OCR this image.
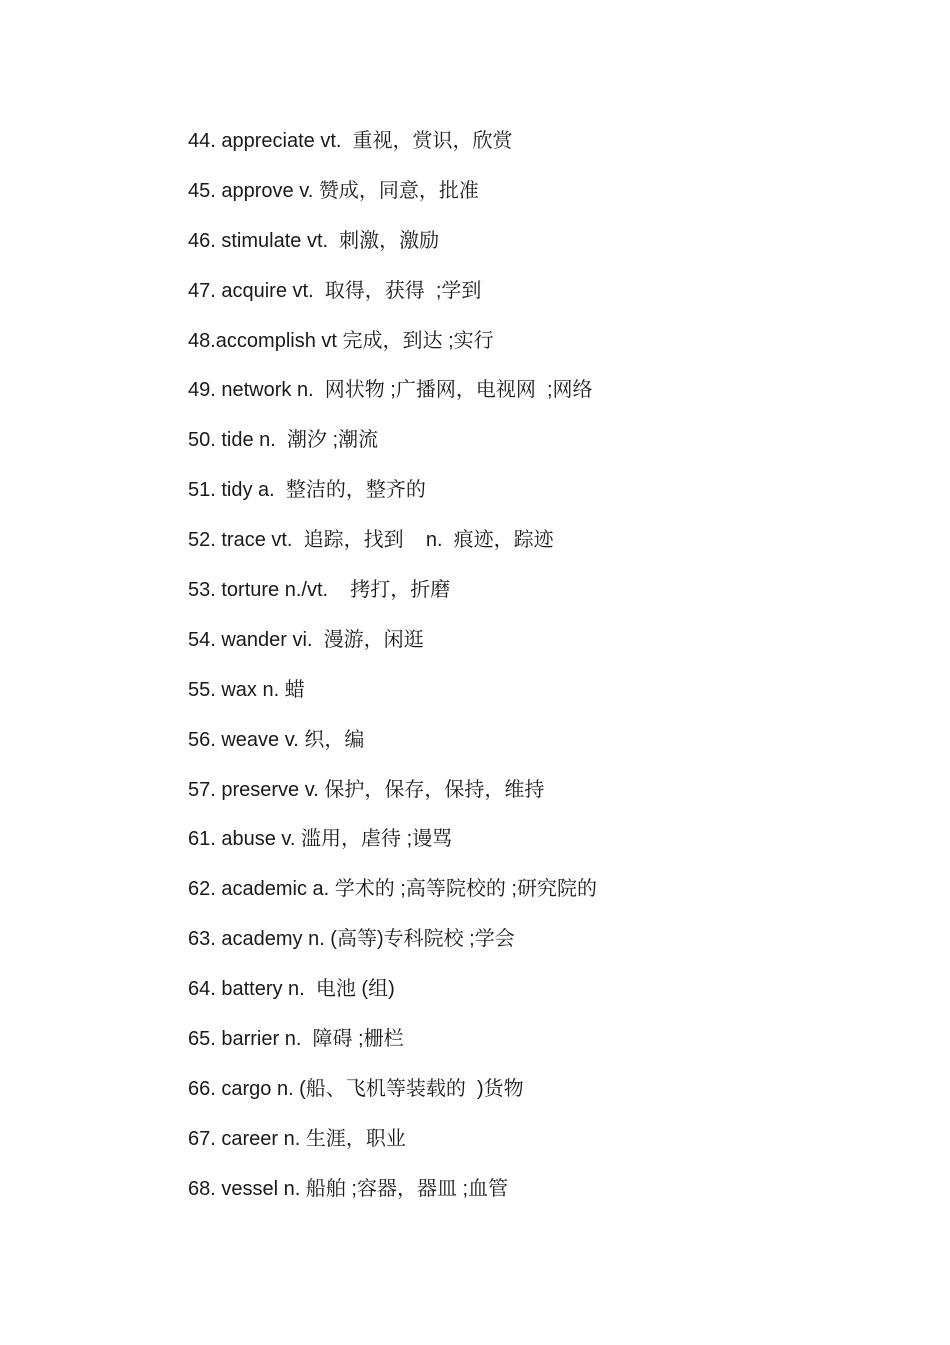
44. appreciate vt.  重视，赏识，欣赏
45. approve v. 赞成，同意，批准
46. stimulate vt.  刺激，激励
47. acquire vt.  取得，获得  ;学到
48.accomplish vt 完成，到达 ;实行
49. network n.  网状物 ;广播网，电视网  ;网络
50. tide n.  潮汐 ;潮流
51. tidy a.  整洁的，整齐的
52. trace vt.  追踪，找到    n.  痕迹，踪迹
53. torture n./vt.    拷打，折磨
54. wander vi.  漫游，闲逛
55. wax n. 蜡
56. weave v. 织，编
57. preserve v. 保护，保存，保持，维持
61. abuse v. 滥用，虐待 ;谩骂
62. academic a. 学术的 ;高等院校的 ;研究院的
63. academy n. (高等)专科院校 ;学会
64. battery n.  电池 (组)
65. barrier n.  障碍 ;栅栏
66. cargo n. (船、飞机等装载的  )货物
67. career n. 生涯，职业
68. vessel n. 船舶 ;容器，器皿 ;血管
